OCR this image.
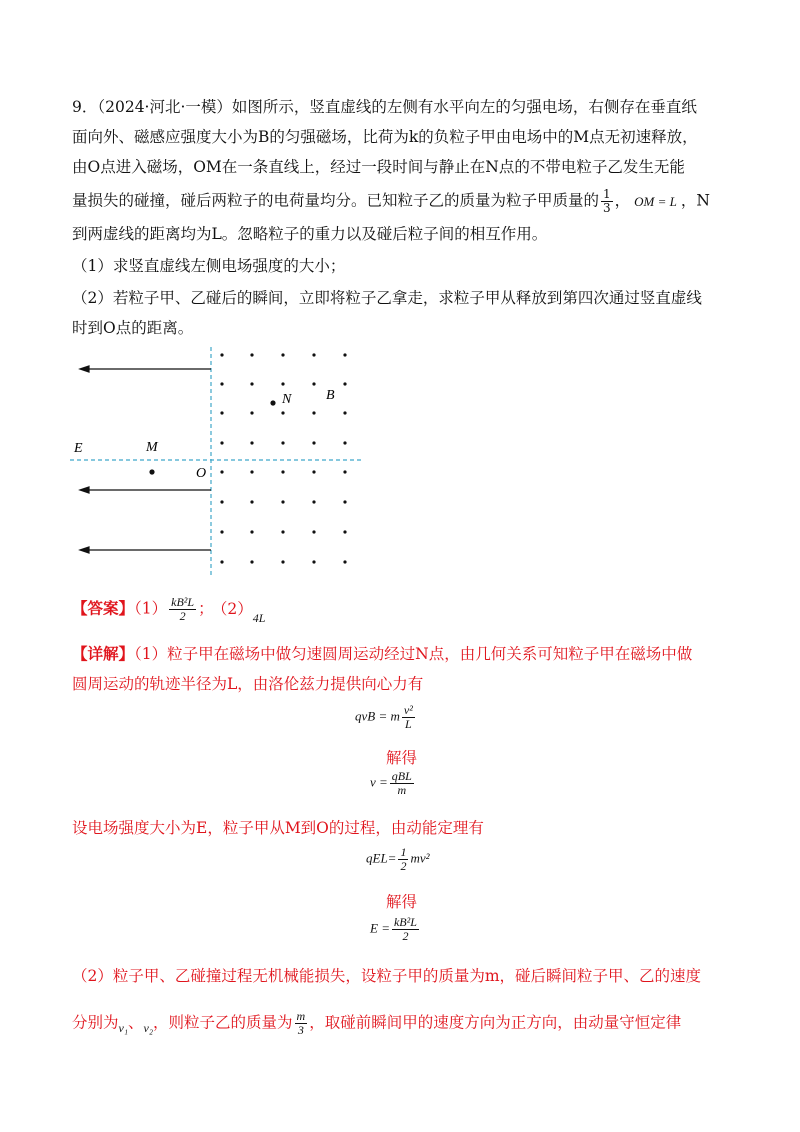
9．（2024·河北·一模）如图所示，竖直虚线的左侧有水平向左的匀强电场，右侧存在垂直纸
面向外、磁感应强度大小为B的匀强磁场，比荷为k的负粒子甲由电场中的M点无初速释放，
由O点进入磁场，OM在一条直线上，经过一段时间与静止在N点的不带电粒子乙发生无能
量损失的碰撞，碰后两粒子的电荷量均分。已知粒子乙的质量为粒子甲质量的 $\frac{1}{3}$ ， OM = L ，N
到两虚线的距离均为L。忽略粒子的重力以及碰后粒子间的相互作用。
（1）求竖直虚线左侧电场强度的大小；
（2）若粒子甲、乙碰后的瞬间，立即将粒子乙拿走，求粒子甲从释放到第四次通过竖直虚线
时到O点的距离。
E	M
O
N B
【答案】$(1) \frac{\text{kB²L}}{2}$ ； $(2)_{4L}$
【详解】（1）粒子甲在磁场中做匀速圆周运动经过N点，由几何关系可知粒子甲在磁场中做
圆周运动的轨迹半径为L，由洛伦兹力提供向心力有
qvB = m $\frac{\text{v²}}{L}$
解得
$v = \frac{\text{qBL}}{m}$
设电场强度大小为E，粒子甲从M到O的过程，由动能定理有
$qEL= \frac{1}{2} mv^2$
解得
$E = \frac{\text{kB²L}}{2}$
（2）粒子甲、乙碰撞过程无机械能损失，设粒子甲的质量为m，碰后瞬间粒子甲、乙的速度
分别为$_{v_1}$、$_{v_2}$，则粒子乙的质量为 $\frac{m}{3}$ ，取碰前瞬间甲的速度方向为正方向，由动量守恒定律
